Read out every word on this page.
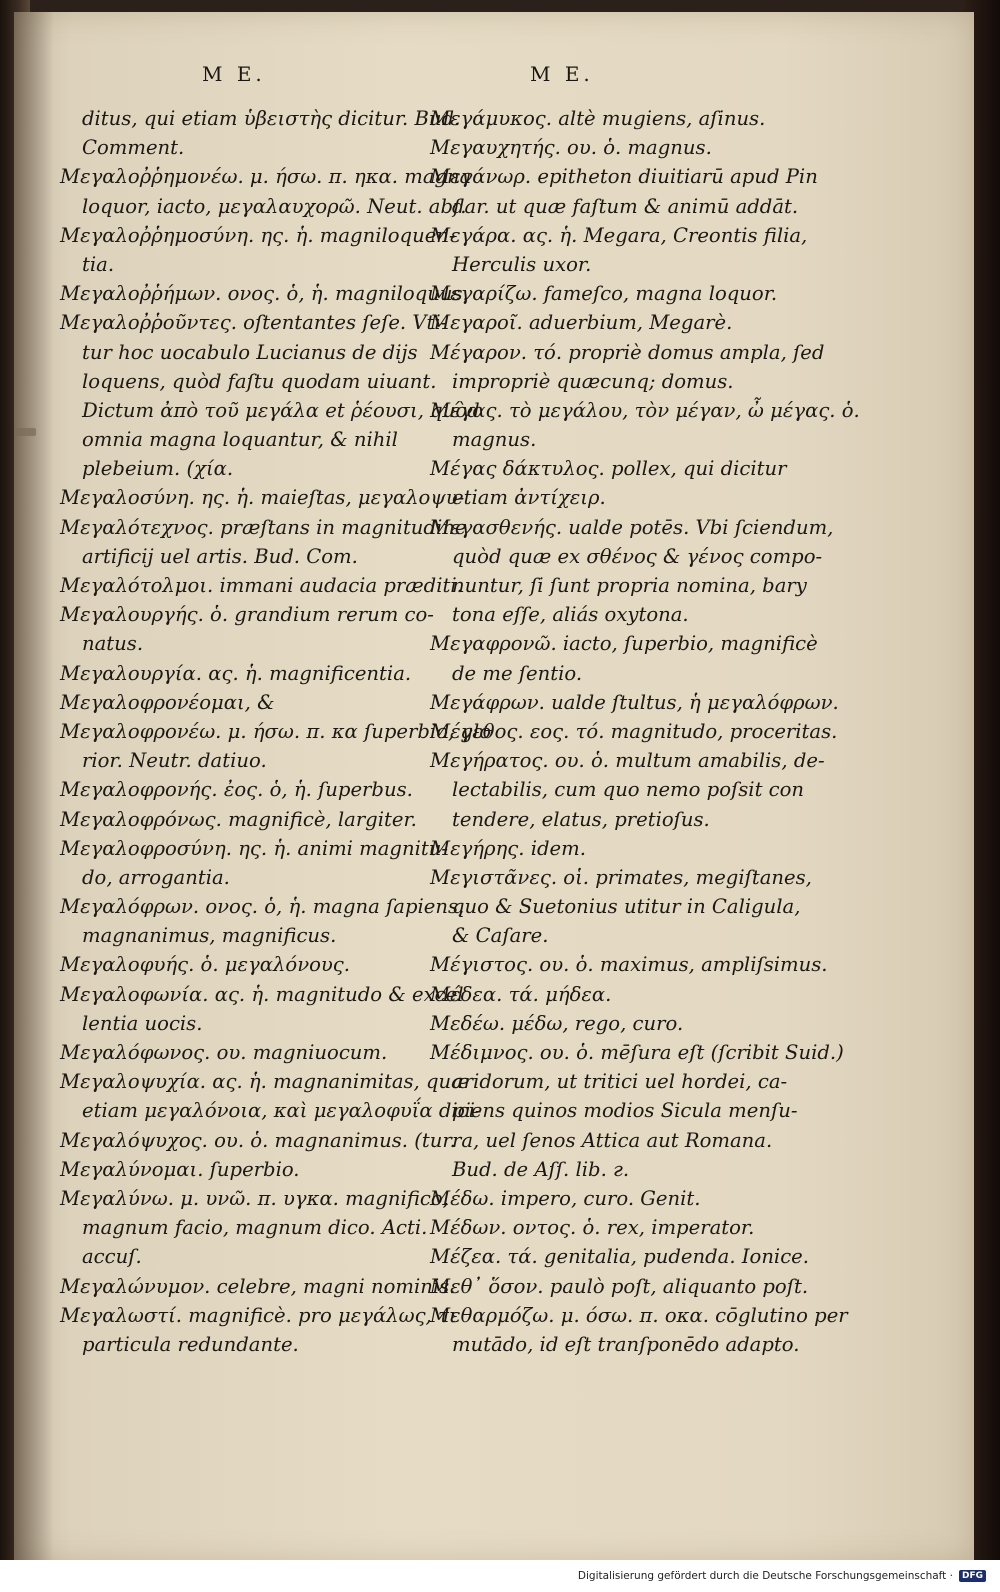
M E.	M E.
ditus, qui etiam ὑβειστὴς dicitur. Bud.
Comment.
Μεγαλοῤῥημονέω. μ. ήσω. π. ηκα. magna
loquor, iacto, μεγαλαυχορῶ. Neut. abſ.
Μεγαλοῤῥημοσύνη. ης. ἡ. magniloquen-
tia.
Μεγαλοῤῥήμων. ονος. ὁ, ἡ. magniloquus.
Μεγαλοῤῥοῦντες. oſtentantes ſeſe. Vti-
tur hoc uocabulo Lucianus de dijs
loquens, quòd faſtu quodam uiuant.
Dictum ἀπὸ τοῦ μεγάλα et ῥέουσι, quòd
omnia magna loquantur, & nihil
plebeium. (χία.
Μεγαλοσύνη. ης. ἡ. maieſtas, μεγαλοψυ-
Μεγαλότεχνος. præſtans in magnitudine
artificij uel artis. Bud. Com.
Μεγαλότολμοι. immani audacia præditi.
Μεγαλουργής. ὁ. grandium rerum co-
natus.
Μεγαλουργία. ας. ἡ. magnificentia.
Μεγαλοφρονέομαι, &
Μεγαλοφρονέω. μ. ήσω. π. κα ſuperbio, glo
rior. Neutr. datiuo.
Μεγαλοφρονής. ἐος. ὁ, ἡ. ſuperbus.
Μεγαλοφρόνως. magnificè, largiter.
Μεγαλοφροσύνη. ης. ἡ. animi magnitu-
do, arrogantia.
Μεγαλόφρων. ονος. ὁ, ἡ. magna ſapiens,
magnanimus, magnificus.
Μεγαλοφυής. ὁ. μεγαλόνους.
Μεγαλοφωνία. ας. ἡ. magnitudo & excel
lentia uocis.
Μεγαλόφωνος. ου. magniuocum.
Μεγαλοψυχία. ας. ἡ. magnanimitas, quæ
etiam μεγαλόνοια, καὶ μεγαλοφυΐα dici-
Μεγαλόψυχος. ου. ὁ. magnanimus. (tur.
Μεγαλύνομαι. ſuperbio.
Μεγαλύνω. μ. υνῶ. π. υγκα. magnifico,
magnum facio, magnum dico. Acti.
accuſ.
Μεγαλώνυμον. celebre, magni nominis.
Μεγαλωστί. magnificè. pro μεγάλως, τι
particula redundante.
Μεγάμυκος. altè mugiens, aſinus.
Μεγαυχητής. ου. ὁ. magnus.
Μεγάνωρ. epitheton diuitiarū apud Pin
dar. ut quæ faſtum & animū addāt.
Μεγάρα. ας. ἡ. Megara, Creontis filia,
Herculis uxor.
Μεγαρίζω. fameſco, magna loquor.
Μεγαροῖ. aduerbium, Megarè.
Μέγαρον. τό. propriè domus ampla, ſed
impropriè quæcunq; domus.
Μέγας. τὸ μεγάλου, τὸν μέγαν, ὦ μέγας. ὁ.
magnus.
Μέγας δάκτυλος. pollex, qui dicitur
etiam ἀντίχειρ.
Μεγασθενής. ualde potēs. Vbi ſciendum,
quòd quæ ex σθένος & γένος compo-
nuntur, ſi ſunt propria nomina, bary
tona eſſe, aliás oxytona.
Μεγαφρονῶ. iacto, ſuperbio, magnificè
de me ſentio.
Μεγάφρων. ualde ſtultus, ἡ μεγαλόφρων.
Μέγεθος. εος. τό. magnitudo, proceritas.
Μεγήρατος. ου. ὁ. multum amabilis, de-
lectabilis, cum quo nemo poſsit con
tendere, elatus, pretioſus.
Μεγήρης. idem.
Μεγιστᾶνες. οἱ. primates, megiſtanes,
quo & Suetonius utitur in Caligula,
& Caſare.
Μέγιστος. ου. ὁ. maximus, ampliſsimus.
Μέδεα. τά. μήδεα.
Μεδέω. μέδω, rego, curo.
Μέδιμνος. ου. ὁ. mēſura eſt (ſcribit Suid.)
aridorum, ut tritici uel hordei, ca-
piens quinos modios Sicula menſu-
ra, uel ſenos Attica aut Romana.
Bud. de Aſſ. lib. г.
Μέδω. impero, curo. Genit.
Μέδων. οντος. ὁ. rex, imperator.
Μέζεα. τά. genitalia, pudenda. Ionice.
Μεθ᾽ ὅσον. paulò poſt, aliquanto poſt.
Μεθαρμόζω. μ. όσω. π. οκα. cōglutino per
mutādo, id eſt tranſponēdo adapto.
Digitalisierung gefördert durch die Deutsche Forschungsgemeinschaft ·	DFG
